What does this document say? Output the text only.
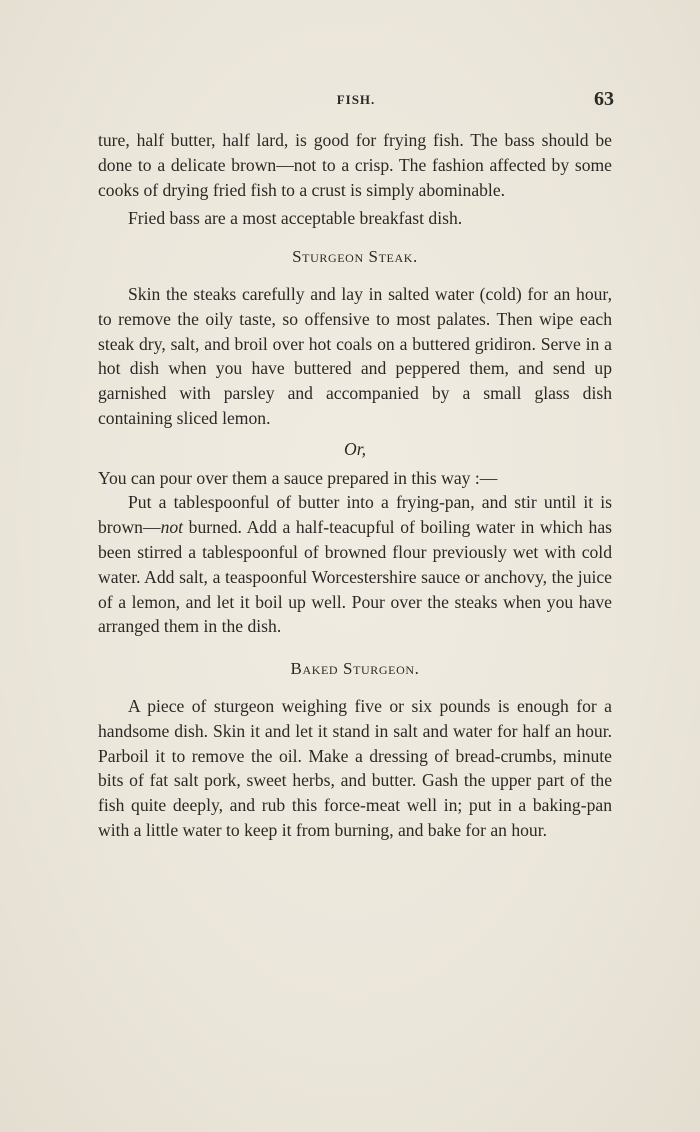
FISH.	63

ture, half butter, half lard, is good for frying fish. The bass should be done to a delicate brown—not to a crisp. The fashion affected by some cooks of drying fried fish to a crust is simply abominable.

Fried bass are a most acceptable breakfast dish.

Sturgeon Steak.

Skin the steaks carefully and lay in salted water (cold) for an hour, to remove the oily taste, so offensive to most palates. Then wipe each steak dry, salt, and broil over hot coals on a buttered gridiron. Serve in a hot dish when you have buttered and peppered them, and send up garnished with parsley and accompanied by a small glass dish containing sliced lemon.

Or,

You can pour over them a sauce prepared in this way :—

Put a tablespoonful of butter into a frying-pan, and stir until it is brown—not burned. Add a half-teacupful of boiling water in which has been stirred a tablespoonful of browned flour previously wet with cold water. Add salt, a teaspoonful Worcestershire sauce or anchovy, the juice of a lemon, and let it boil up well. Pour over the steaks when you have arranged them in the dish.

Baked Sturgeon.

A piece of sturgeon weighing five or six pounds is enough for a handsome dish. Skin it and let it stand in salt and water for half an hour. Parboil it to remove the oil. Make a dressing of bread-crumbs, minute bits of fat salt pork, sweet herbs, and butter. Gash the upper part of the fish quite deeply, and rub this force-meat well in; put in a baking-pan with a little water to keep it from burning, and bake for an hour.
